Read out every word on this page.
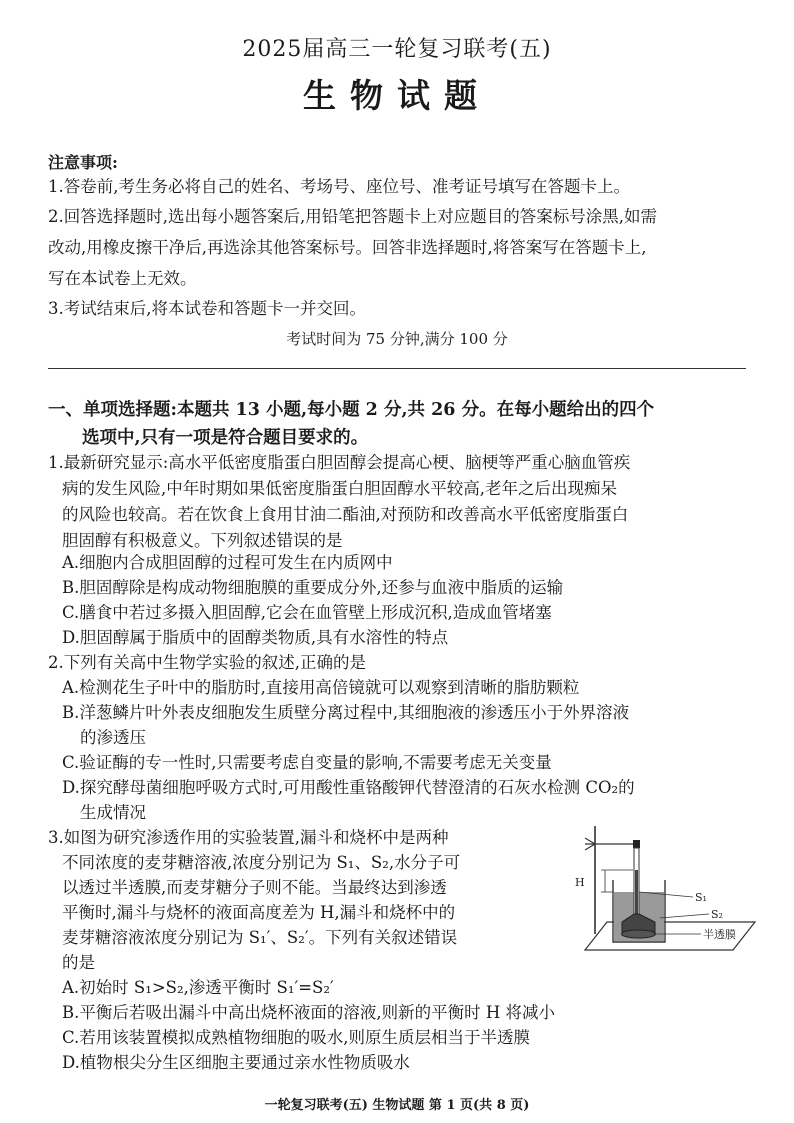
2025届高三一轮复习联考(五)
生物试题
注意事项:
1.答卷前,考生务必将自己的姓名、考场号、座位号、准考证号填写在答题卡上。
2.回答选择题时,选出每小题答案后,用铅笔把答题卡上对应题目的答案标号涂黑,如需
改动,用橡皮擦干净后,再选涂其他答案标号。回答非选择题时,将答案写在答题卡上,
写在本试卷上无效。
3.考试结束后,将本试卷和答题卡一并交回。
考试时间为 75 分钟,满分 100 分
一、单项选择题:本题共 13 小题,每小题 2 分,共 26 分。在每小题给出的四个
选项中,只有一项是符合题目要求的。
1.最新研究显示:高水平低密度脂蛋白胆固醇会提高心梗、脑梗等严重心脑血管疾
病的发生风险,中年时期如果低密度脂蛋白胆固醇水平较高,老年之后出现痴呆
的风险也较高。若在饮食上食用甘油二酯油,对预防和改善高水平低密度脂蛋白
胆固醇有积极意义。下列叙述错误的是
A.细胞内合成胆固醇的过程可发生在内质网中
B.胆固醇除是构成动物细胞膜的重要成分外,还参与血液中脂质的运输
C.膳食中若过多摄入胆固醇,它会在血管壁上形成沉积,造成血管堵塞
D.胆固醇属于脂质中的固醇类物质,具有水溶性的特点
2.下列有关高中生物学实验的叙述,正确的是
A.检测花生子叶中的脂肪时,直接用高倍镜就可以观察到清晰的脂肪颗粒
B.洋葱鳞片叶外表皮细胞发生质壁分离过程中,其细胞液的渗透压小于外界溶液
的渗透压
C.验证酶的专一性时,只需要考虑自变量的影响,不需要考虑无关变量
D.探究酵母菌细胞呼吸方式时,可用酸性重铬酸钾代替澄清的石灰水检测 CO₂的
生成情况
3.如图为研究渗透作用的实验装置,漏斗和烧杯中是两种
不同浓度的麦芽糖溶液,浓度分别记为 S₁、S₂,水分子可
以透过半透膜,而麦芽糖分子则不能。当最终达到渗透
平衡时,漏斗与烧杯的液面高度差为 H,漏斗和烧杯中的
麦芽糖溶液浓度分别记为 S₁′、S₂′。下列有关叙述错误
的是
A.初始时 S₁>S₂,渗透平衡时 S₁′=S₂′
B.平衡后若吸出漏斗中高出烧杯液面的溶液,则新的平衡时 H 将减小
C.若用该装置模拟成熟植物细胞的吸水,则原生质层相当于半透膜
D.植物根尖分生区细胞主要通过亲水性物质吸水
H
S₁
S₂
半透膜
一轮复习联考(五) 生物试题 第 1 页(共 8 页)
